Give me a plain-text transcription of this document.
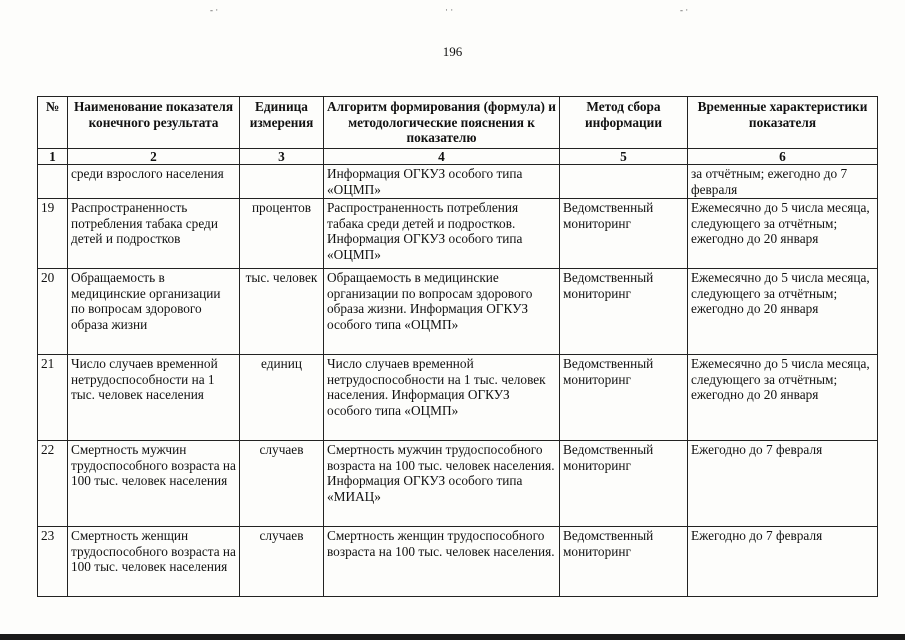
- ·	· ·	- ·
196
№	Наименование показателя конечного результата	Единица измерения	Алгоритм формирования (формула) и методологические пояснения к показателю	Метод сбора информации	Временные характеристики показателя
1	2	3	4	5	6
	среди взрослого населения		Информация ОГКУЗ особого типа «ОЦМП»		за отчётным; ежегодно до 7 февраля
19	Распространенность потребления табака среди детей и подростков	процентов	Распространенность потребления табака среди детей и подростков. Информация ОГКУЗ особого типа «ОЦМП»	Ведомственный мониторинг	Ежемесячно до 5 числа месяца, следующего за отчётным; ежегодно до 20 января
20	Обращаемость в медицинские организации по вопросам здорового образа жизни	тыс. человек	Обращаемость в медицинские организации по вопросам здорового образа жизни. Информация ОГКУЗ особого типа «ОЦМП»	Ведомственный мониторинг	Ежемесячно до 5 числа месяца, следующего за отчётным; ежегодно до 20 января
21	Число случаев временной нетрудоспособности на 1 тыс. человек населения	единиц	Число случаев временной нетрудоспособности на 1 тыс. человек населения. Информация ОГКУЗ особого типа «ОЦМП»	Ведомственный мониторинг	Ежемесячно до 5 числа месяца, следующего за отчётным; ежегодно до 20 января
22	Смертность мужчин трудоспособного возраста на 100 тыс. человек населения	случаев	Смертность мужчин трудоспособного возраста на 100 тыс. человек населения. Информация ОГКУЗ особого типа «МИАЦ»	Ведомственный мониторинг	Ежегодно до 7 февраля
23	Смертность женщин трудоспособного возраста на 100 тыс. человек населения	случаев	Смертность женщин трудоспособного возраста на 100 тыс. человек населения.	Ведомственный мониторинг	Ежегодно до 7 февраля
